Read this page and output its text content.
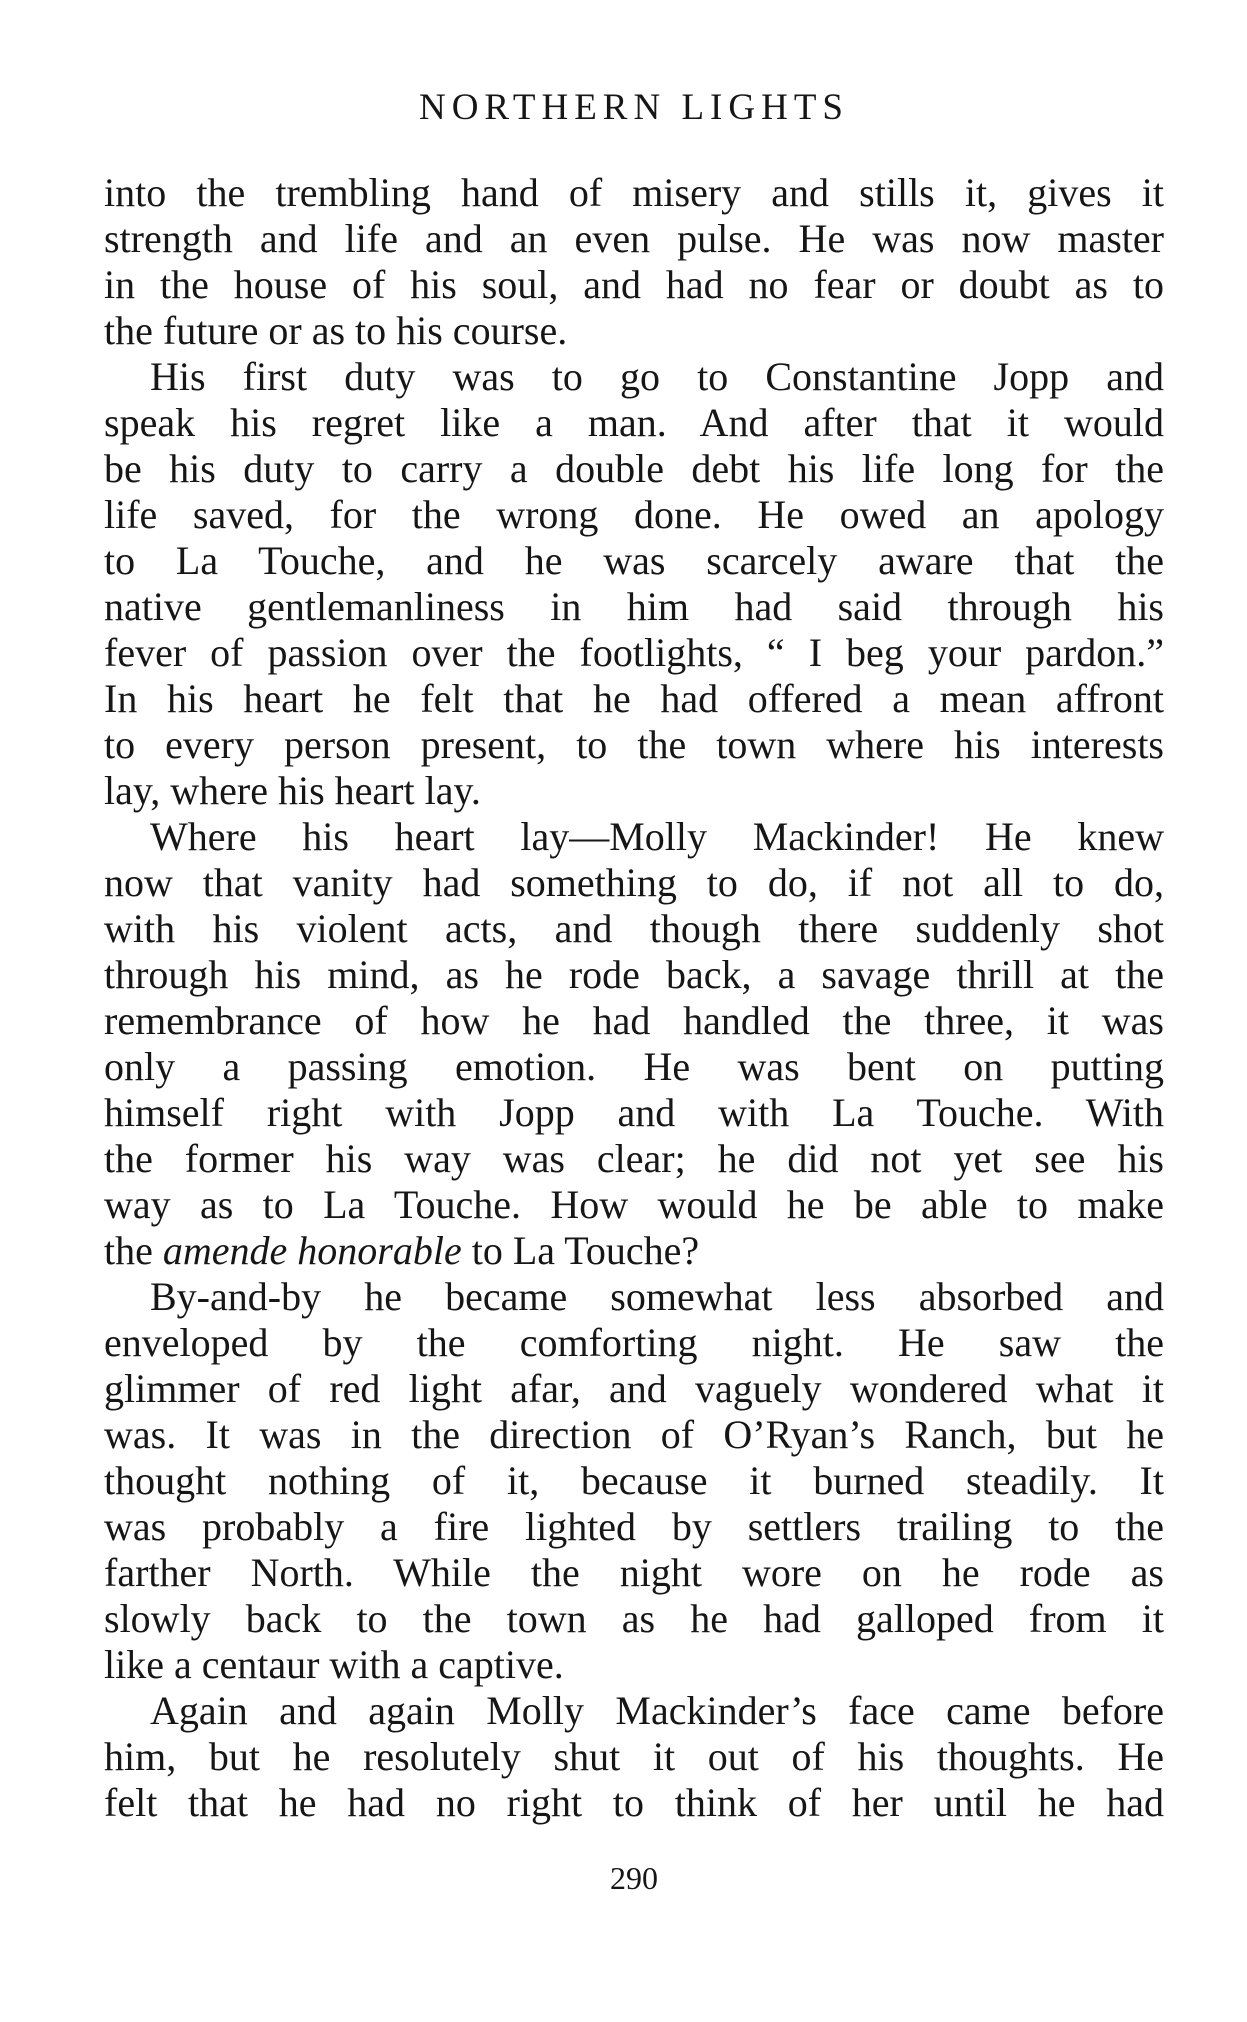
NORTHERN LIGHTS
into the trembling hand of misery and stills it, gives it
strength and life and an even pulse. He was now master
in the house of his soul, and had no fear or doubt as to
the future or as to his course.
His first duty was to go to Constantine Jopp and
speak his regret like a man. And after that it would
be his duty to carry a double debt his life long for the
life saved, for the wrong done. He owed an apology
to La Touche, and he was scarcely aware that the
native gentlemanliness in him had said through his
fever of passion over the footlights, “ I beg your pardon.”
In his heart he felt that he had offered a mean affront
to every person present, to the town where his interests
lay, where his heart lay.
Where his heart lay—Molly Mackinder! He knew
now that vanity had something to do, if not all to do,
with his violent acts, and though there suddenly shot
through his mind, as he rode back, a savage thrill at the
remembrance of how he had handled the three, it was
only a passing emotion. He was bent on putting
himself right with Jopp and with La Touche. With
the former his way was clear; he did not yet see his
way as to La Touche. How would he be able to make
the amende honorable to La Touche?
By-and-by he became somewhat less absorbed and
enveloped by the comforting night. He saw the
glimmer of red light afar, and vaguely wondered what it
was. It was in the direction of O’Ryan’s Ranch, but he
thought nothing of it, because it burned steadily. It
was probably a fire lighted by settlers trailing to the
farther North. While the night wore on he rode as
slowly back to the town as he had galloped from it
like a centaur with a captive.
Again and again Molly Mackinder’s face came before
him, but he resolutely shut it out of his thoughts. He
felt that he had no right to think of her until he had
290
